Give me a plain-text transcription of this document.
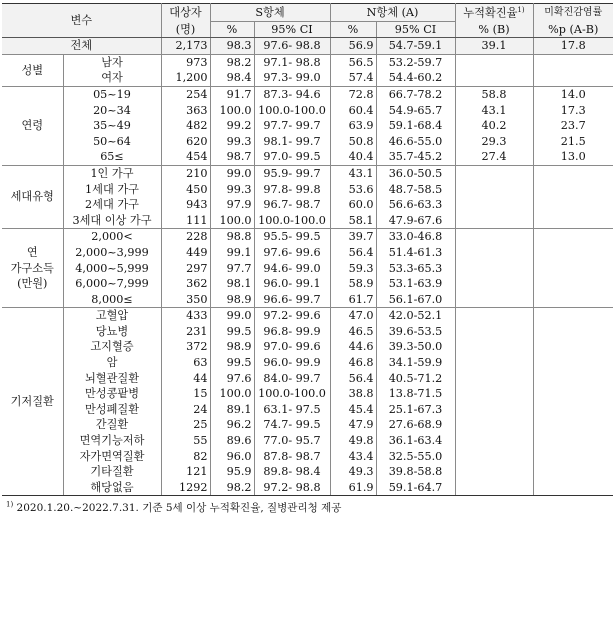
변수		대상자	S항체		N항체 (A)		누적확진율$^{1)}$	미확진감염률
		(명)	%	95% CI	%	95% CI	% (B)	%p (A-B)
전체		2,173	98.3	97.6- 98.8	56.9	54.7-59.1	39.1	17.8
성별	남자	973	98.2	97.1- 98.8	56.5	53.2-59.7		
	여자	1,200	98.4	97.3- 99.0	57.4	54.4-60.2		
연령	05~19	254	91.7	87.3- 94.6	72.8	66.7-78.2	58.8	14.0
	20~34	363	100.0	100.0-100.0	60.4	54.9-65.7	43.1	17.3
	35~49	482	99.2	97.7- 99.7	63.9	59.1-68.4	40.2	23.7
	50~64	620	99.3	98.1- 99.7	50.8	46.6-55.0	29.3	21.5
	65≤	454	98.7	97.0- 99.5	40.4	35.7-45.2	27.4	13.0
세대유형	1인 가구	210	99.0	95.9- 99.7	43.1	36.0-50.5		
	1세대 가구	450	99.3	97.8- 99.8	53.6	48.7-58.5		
	2세대 가구	943	97.9	96.7- 98.7	60.0	56.6-63.3		
	3세대 이상 가구	111	100.0	100.0-100.0	58.1	47.9-67.6		
연
가구소득
(만원)	2,000<	228	98.8	95.5- 99.5	39.7	33.0-46.8		
	2,000~3,999	449	99.1	97.6- 99.6	56.4	51.4-61.3		
	4,000~5,999	297	97.7	94.6- 99.0	59.3	53.3-65.3		
	6,000~7,999	362	98.1	96.0- 99.1	58.9	53.1-63.9		
	8,000≤	350	98.9	96.6- 99.7	61.7	56.1-67.0		
기저질환	고혈압	433	99.0	97.2- 99.6	47.0	42.0-52.1		
	당뇨병	231	99.5	96.8- 99.9	46.5	39.6-53.5		
	고지혈증	372	98.9	97.0- 99.6	44.6	39.3-50.0		
	암	63	99.5	96.0- 99.9	46.8	34.1-59.9		
	뇌혈관질환	44	97.6	84.0- 99.7	56.4	40.5-71.2		
	만성콩팥병	15	100.0	100.0-100.0	38.8	13.8-71.5		
	만성폐질환	24	89.1	63.1- 97.5	45.4	25.1-67.3		
	간질환	25	96.2	74.7- 99.5	47.9	27.6-68.9		
	면역기능저하	55	89.6	77.0- 95.7	49.8	36.1-63.4		
	자가면역질환	82	96.0	87.8- 98.7	43.4	32.5-55.0		
	기타질환	121	95.9	89.8- 98.4	49.3	39.8-58.8		
	해당없음	1292	98.2	97.2- 98.8	61.9	59.1-64.7		
$^{1)}$ 2020.1.20.~2022.7.31. 기준 5세 이상 누적확진율, 질병관리청 제공
